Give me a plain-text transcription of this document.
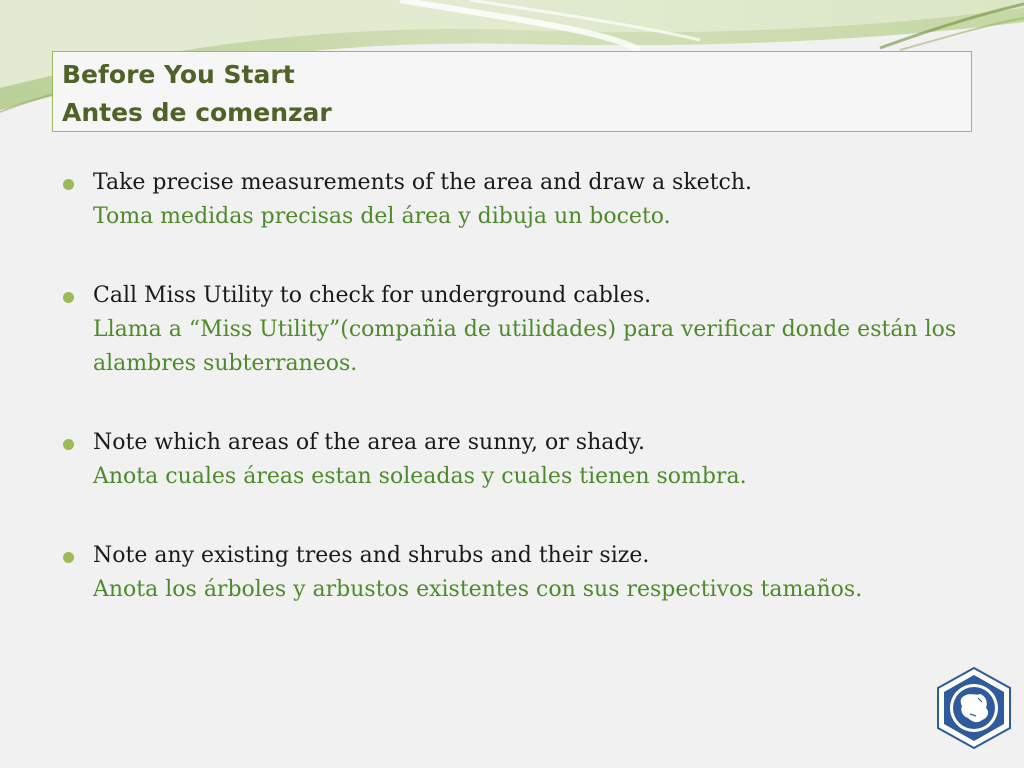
Before You Start
Antes de comenzar
Take precise measurements of the area and draw a sketch.
Toma medidas precisas del área y dibuja un boceto.
Call Miss Utility to check for underground cables.
Llama a “Miss Utility”(compañia de utilidades) para verificar donde están los alambres subterraneos.
Note which areas of the area are sunny, or shady.
Anota cuales áreas estan soleadas y cuales tienen sombra.
Note any existing trees and shrubs and their size.
Anota los árboles y arbustos existentes con sus respectivos tamaños.
